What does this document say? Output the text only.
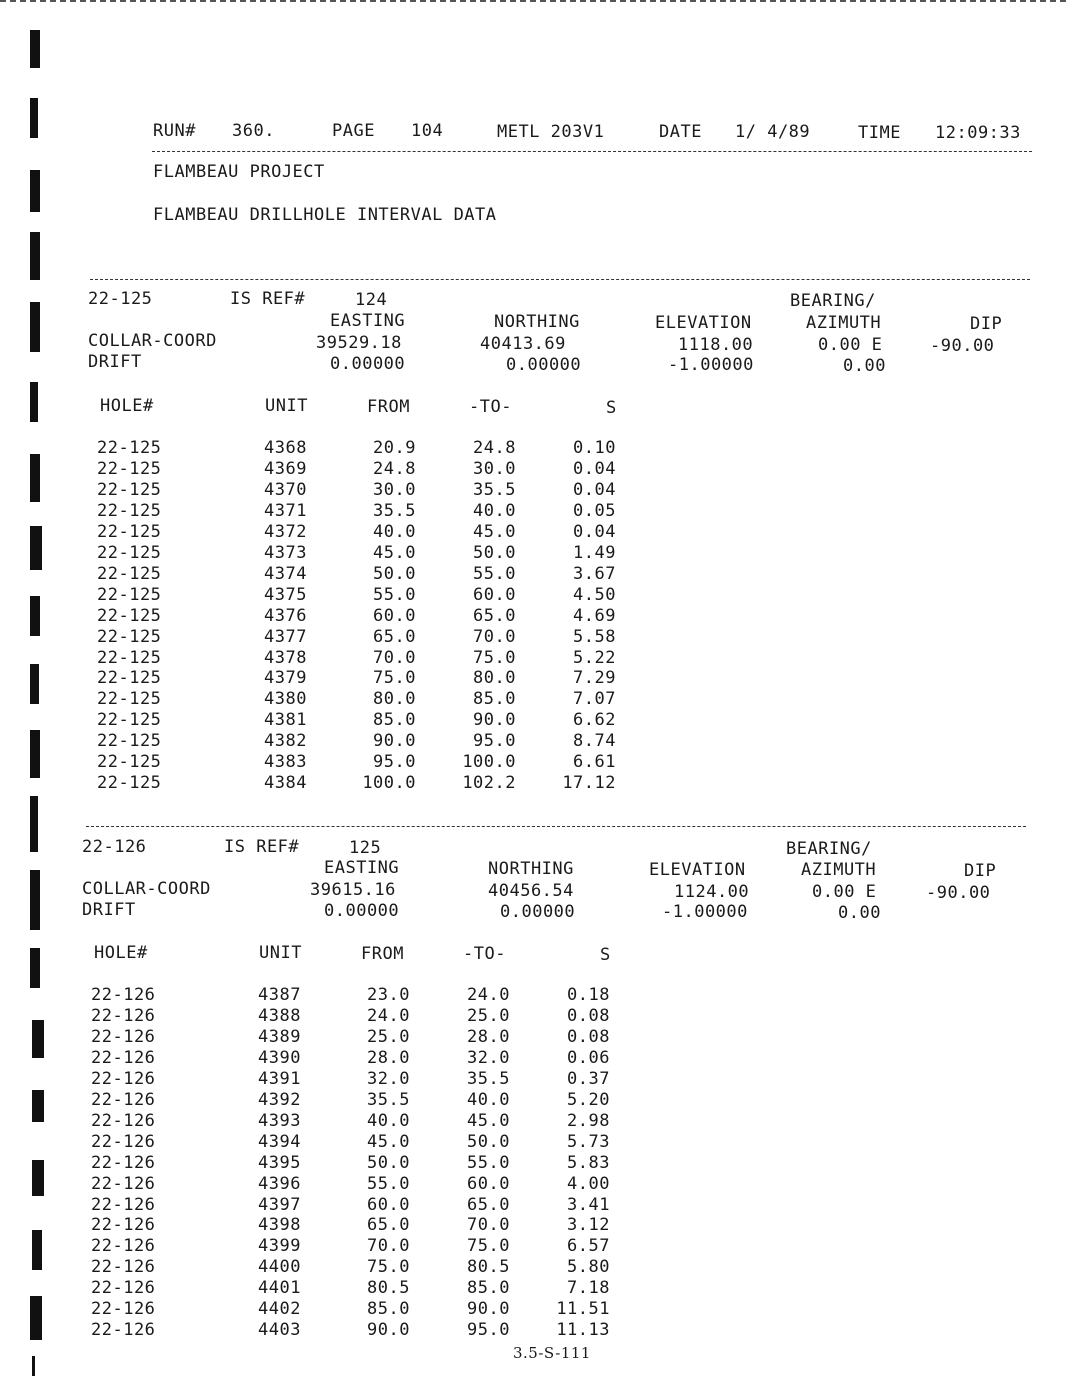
RUN# 360.	PAGE 104	METL 203V1	DATE 1/ 4/89	TIME 12:09:33
FLAMBEAU PROJECT
FLAMBEAU DRILLHOLE INTERVAL DATA
22-125	IS REF#	124	BEARING/
EASTING	NORTHING	ELEVATION	AZIMUTH	DIP
COLLAR-COORD	39529.18	40413.69	1118.00	0.00 E	-90.00
DRIFT	0.00000	0.00000	-1.00000	0.00
HOLE#	UNIT	FROM	-TO-	S
22-125	4368	20.9	24.8	0.10
22-125	4369	24.8	30.0	0.04
22-125	4370	30.0	35.5	0.04
22-125	4371	35.5	40.0	0.05
22-125	4372	40.0	45.0	0.04
22-125	4373	45.0	50.0	1.49
22-125	4374	50.0	55.0	3.67
22-125	4375	55.0	60.0	4.50
22-125	4376	60.0	65.0	4.69
22-125	4377	65.0	70.0	5.58
22-125	4378	70.0	75.0	5.22
22-125	4379	75.0	80.0	7.29
22-125	4380	80.0	85.0	7.07
22-125	4381	85.0	90.0	6.62
22-125	4382	90.0	95.0	8.74
22-125	4383	95.0	100.0	6.61
22-125	4384	100.0	102.2	17.12
22-126	IS REF#	125	BEARING/
EASTING	NORTHING	ELEVATION	AZIMUTH	DIP
COLLAR-COORD	39615.16	40456.54	1124.00	0.00 E	-90.00
DRIFT	0.00000	0.00000	-1.00000	0.00
HOLE#	UNIT	FROM	-TO-	S
22-126	4387	23.0	24.0	0.18
22-126	4388	24.0	25.0	0.08
22-126	4389	25.0	28.0	0.08
22-126	4390	28.0	32.0	0.06
22-126	4391	32.0	35.5	0.37
22-126	4392	35.5	40.0	5.20
22-126	4393	40.0	45.0	2.98
22-126	4394	45.0	50.0	5.73
22-126	4395	50.0	55.0	5.83
22-126	4396	55.0	60.0	4.00
22-126	4397	60.0	65.0	3.41
22-126	4398	65.0	70.0	3.12
22-126	4399	70.0	75.0	6.57
22-126	4400	75.0	80.5	5.80
22-126	4401	80.5	85.0	7.18
22-126	4402	85.0	90.0	11.51
22-126	4403	90.0	95.0	11.13
3.5-S-111
